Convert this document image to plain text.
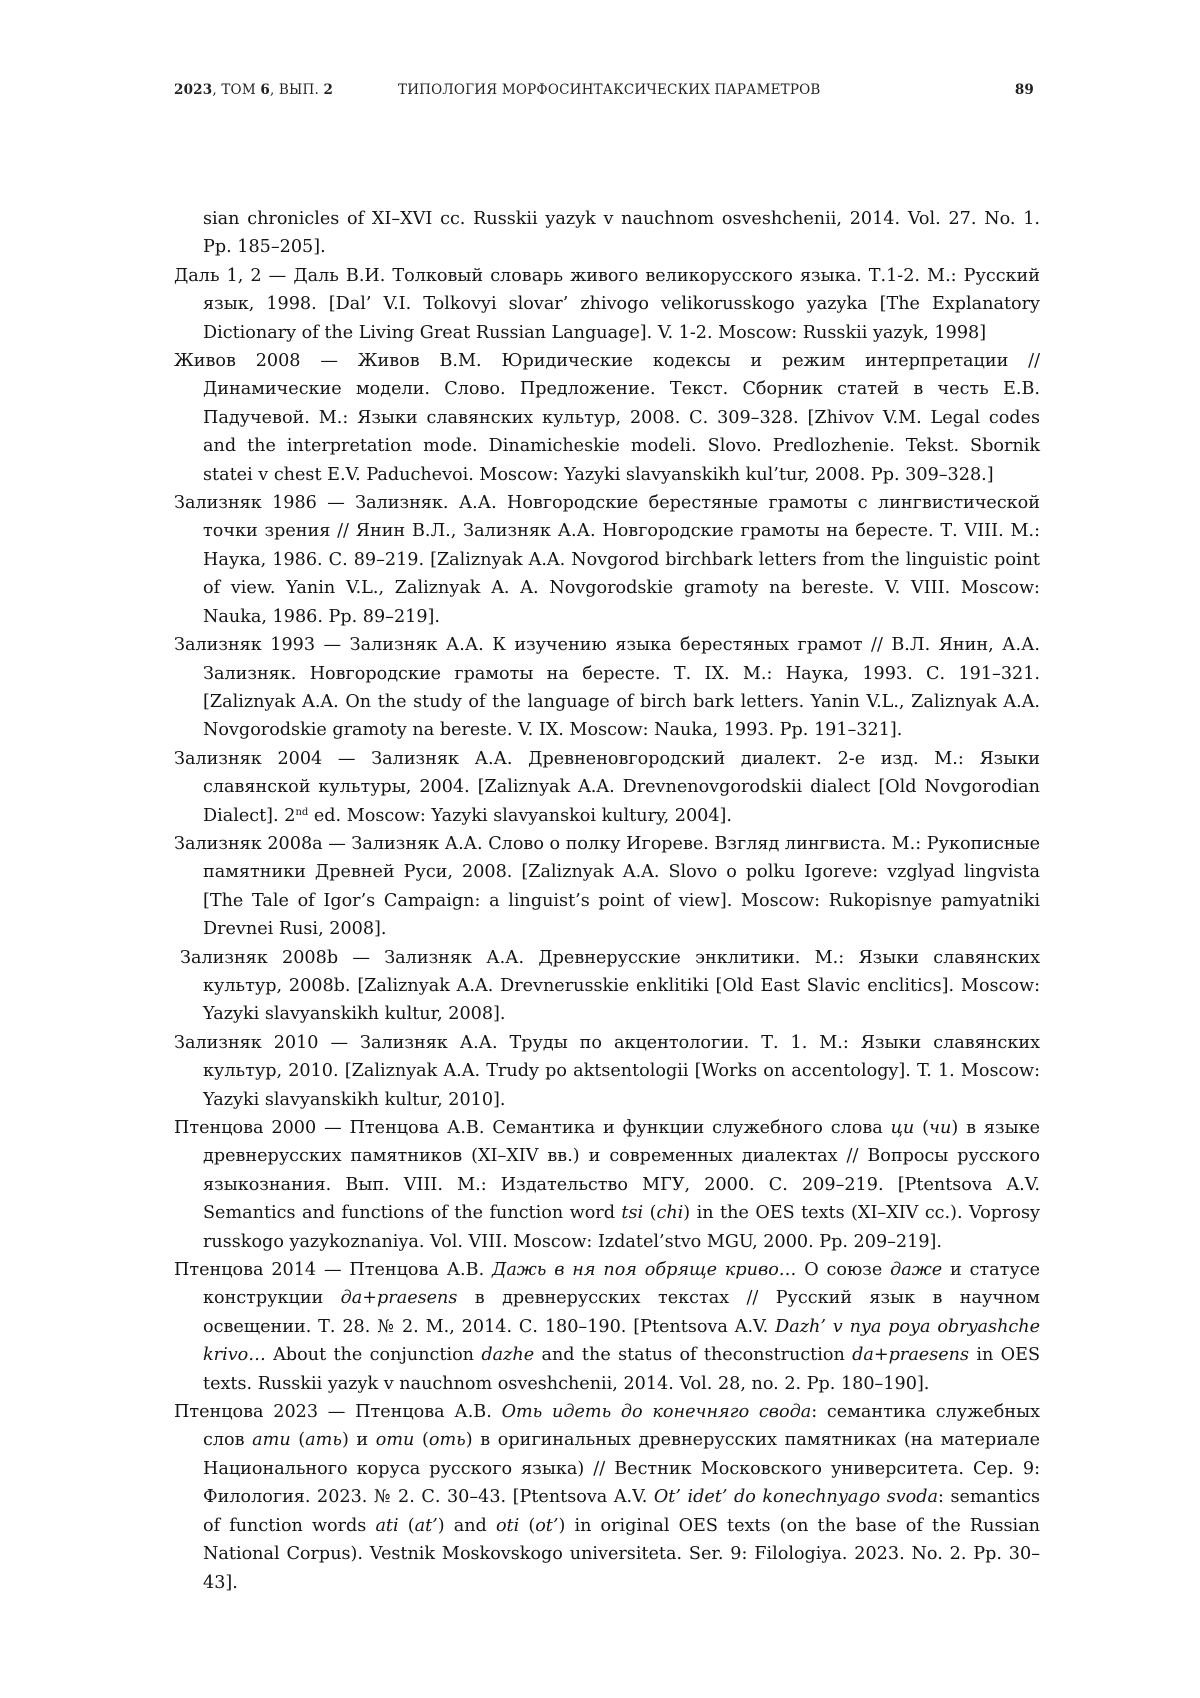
2023, ТОМ 6, ВЫП. 2	ТИПОЛОГИЯ МОРФОСИНТАКСИЧЕСКИХ ПАРАМЕТРОВ	89

sian chronicles of XI–XVI cc. Russkii yazyk v nauchnom osveshchenii, 2014. Vol. 27. No. 1. Pp. 185–205].

Даль 1, 2 — Даль В.И. Толковый словарь живого великорусского языка. Т.1-2. М.: Русский язык, 1998. [Dal’ V.I. Tolkovyi slovar’ zhivogo velikorusskogo yazyka [The Explanatory Dictionary of the Living Great Russian Language]. V. 1-2. Moscow: Russkii yazyk, 1998]

Живов 2008 — Живов В.М. Юридические кодексы и режим интерпретации // Динамические модели. Слово. Предложение. Текст. Сборник статей в честь Е.В. Падучевой. М.: Языки славянских культур, 2008. С. 309–328. [Zhivov V.M. Legal codes and the interpretation mode. Dinamicheskie modeli. Slovo. Predlozhenie. Tekst. Sbornik statei v chest E.V. Paduchevoi. Moscow: Yazyki slavyanskikh kul’tur, 2008. Pp. 309–328.]

Зализняк 1986 — Зализняк. А.А. Новгородские берестяные грамоты с лингвистической точки зрения // Янин В.Л., Зализняк А.А. Новгородские грамоты на бересте. Т. VIII. М.: Наука, 1986. С. 89–219. [Zaliznyak A.A. Novgorod birchbark letters from the linguistic point of view. Yanin V.L., Zaliznyak A. A. Novgorodskie gramoty na bereste. V. VIII. Moscow: Nauka, 1986. Pp. 89–219].

Зализняк 1993 — Зализняк А.А. К изучению языка берестяных грамот // В.Л. Янин, А.А. Зализняк. Новгородские грамоты на бересте. Т. IX. М.: Наука, 1993. С. 191–321. [Zaliznyak A.A. On the study of the language of birch bark letters. Yanin V.L., Zaliznyak A.A. Novgorodskie gramoty na bereste. V. IX. Moscow: Nauka, 1993. Pp. 191–321].

Зализняк 2004 — Зализняк А.А. Древненовгородский диалект. 2-е изд. М.: Языки славянской культуры, 2004. [Zaliznyak A.A. Drevnenovgorodskii dialect [Old Novgorodian Dialect]. 2nd ed. Moscow: Yazyki slavyanskoi kultury, 2004].

Зализняк 2008a — Зализняк А.А. Слово о полку Игореве. Взгляд лингвиста. М.: Рукописные памятники Древней Руси, 2008. [Zaliznyak A.A. Slovo o polku Igoreve: vzglyad lingvista [The Tale of Igor’s Campaign: a linguist’s point of view]. Moscow: Rukopisnye pamyatniki Drevnei Rusi, 2008].

Зализняк 2008b — Зализняк А.А. Древнерусские энклитики. М.: Языки славянских культур, 2008b. [Zaliznyak A.A. Drevnerusskie enklitiki [Old East Slavic enclitics]. Moscow: Yazyki slavyanskikh kultur, 2008].

Зализняк 2010 — Зализняк А.А. Труды по акцентологии. Т. 1. М.: Языки славянских культур, 2010. [Zaliznyak A.A. Trudy po aktsentologii [Works on accentology]. T. 1. Moscow: Yazyki slavyanskikh kultur, 2010].

Птенцова 2000 — Птенцова А.В. Семантика и функции служебного слова ци (чи) в языке древнерусских памятников (XI–XIV вв.) и современных диалектах // Вопросы русского языкознания. Вып. VIII. М.: Издательство МГУ, 2000. С. 209–219. [Ptentsova A.V. Semantics and functions of the function word tsi (chi) in the OES texts (XI–XIV cc.). Voprosy russkogo yazykoznaniya. Vol. VIII. Moscow: Izdatel’stvo MGU, 2000. Pp. 209–219].

Птенцова 2014 — Птенцова А.В. Дажь в ня поя обряще криво… О союзе даже и статусе конструкции да+praesens в древнерусских текстах // Русский язык в научном освещении. Т. 28. № 2. М., 2014. С. 180–190. [Ptentsova A.V. Dazh’ v nya poya obryashche krivo… About the conjunction dazhe and the status of theconstruction da+praesens in OES texts. Russkii yazyk v nauchnom osveshchenii, 2014. Vol. 28, no. 2. Pp. 180–190].

Птенцова 2023 — Птенцова А.В. Оть идеть до конечняго свода: семантика служебных слов ати (ать) и оти (оть) в оригинальных древнерусских памятниках (на материале Национального коруса русского языка) // Вестник Московского университета. Сер. 9: Филология. 2023. № 2. С. 30–43. [Ptentsova A.V. Ot’ idet’ do konechnyago svoda: semantics of function words ati (at’) and oti (ot’) in original OES texts (on the base of the Russian National Corpus). Vestnik Moskovskogo universiteta. Ser. 9: Filologiya. 2023. No. 2. Pp. 30–43].
